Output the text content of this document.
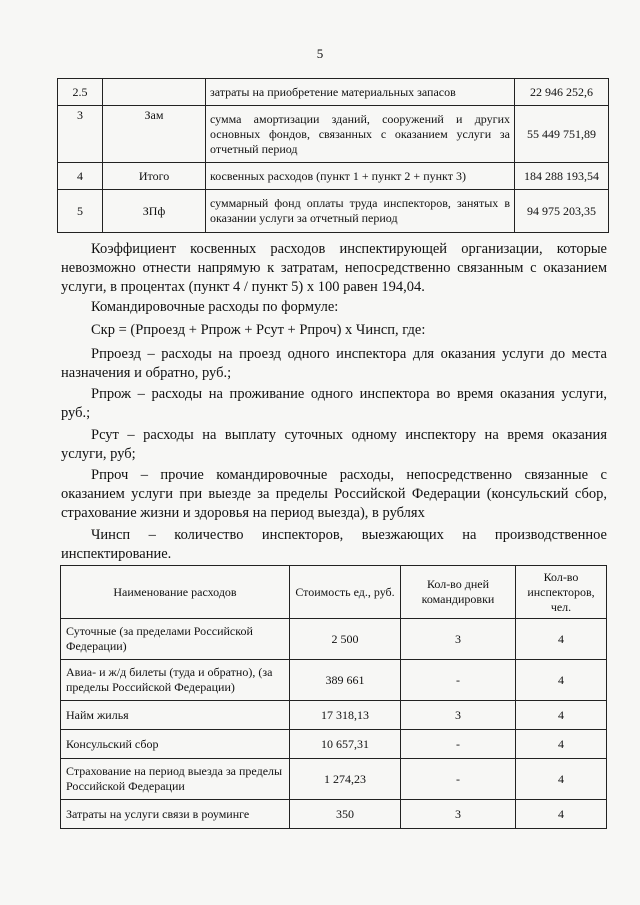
5
2.5		затраты на приобретение материальных запасов	22 946 252,6
3	Зам	сумма амортизации зданий, сооружений и других основных фондов, связанных с оказанием услуги за отчетный период	55 449 751,89
4	Итого	косвенных расходов (пункт 1 + пункт 2 + пункт 3)	184 288 193,54
5	ЗПф	суммарный фонд оплаты труда инспекторов, занятых в оказании услуги за отчетный период	94 975 203,35

Коэффициент косвенных расходов инспектирующей организации, которые невозможно отнести напрямую к затратам, непосредственно связанным с оказанием услуги, в процентах (пункт 4 / пункт 5) х 100 равен 194,04.

Командировочные расходы по формуле:

Скр = (Рпроезд + Рпрож + Рсут + Рпроч) х Чинсп, где:

Рпроезд – расходы на проезд одного инспектора для оказания услуги до места назначения и обратно, руб.;

Рпрож – расходы на проживание одного инспектора во время оказания услуги, руб.;

Рсут – расходы на выплату суточных одному инспектору на время оказания услуги, руб;

Рпроч – прочие командировочные расходы, непосредственно связанные с оказанием услуги при выезде за пределы Российской Федерации (консульский сбор, страхование жизни и здоровья на период выезда), в рублях

Чинсп – количество инспекторов, выезжающих на производственное инспектирование.

Наименование расходов	Стоимость ед., руб.	Кол-во дней командировки	Кол-во инспекторов, чел.
Суточные (за пределами Российской Федерации)	2 500	3	4
Авиа- и ж/д билеты (туда и обратно), (за пределы Российской Федерации)	389 661	-	4
Найм жилья	17 318,13	3	4
Консульский сбор	10 657,31	-	4
Страхование на период выезда за пределы Российской Федерации	1 274,23	-	4
Затраты на услуги связи в роуминге	350	3	4
